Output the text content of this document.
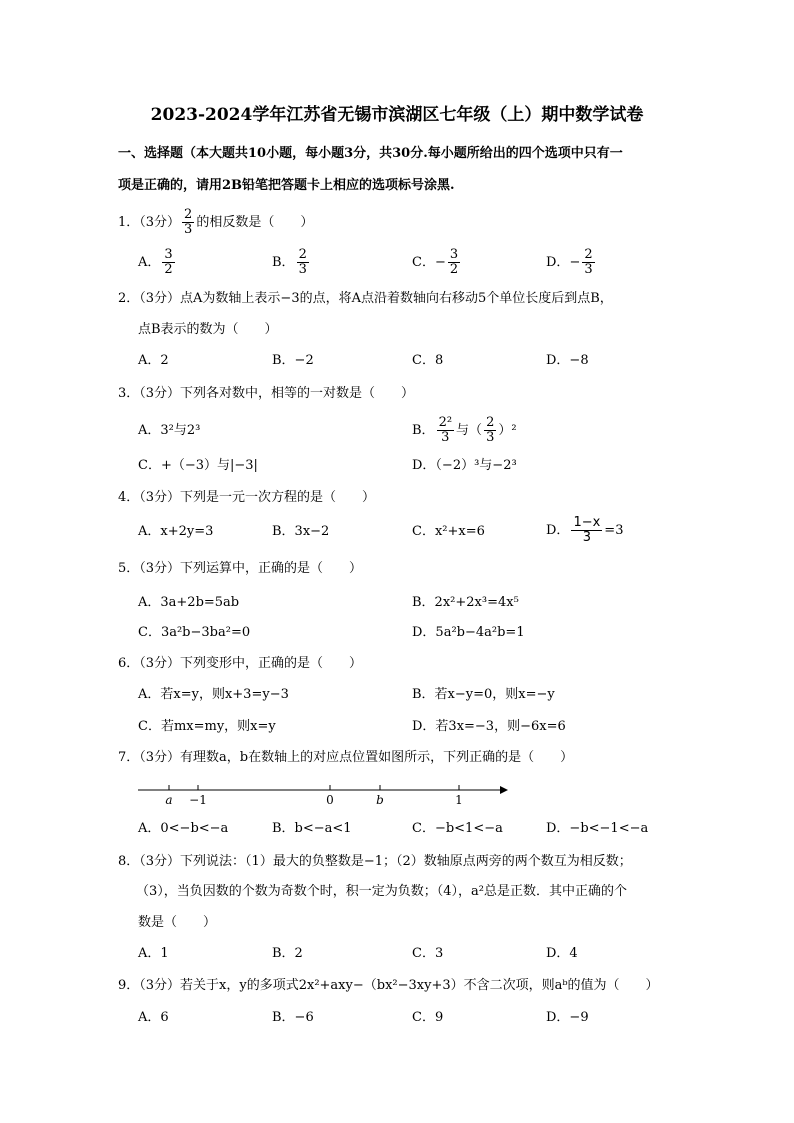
2023-2024学年江苏省无锡市滨湖区七年级（上）期中数学试卷
一、选择题（本大题共10小题，每小题3分，共30分.每小题所给出的四个选项中只有一
项是正确的，请用2B铅笔把答题卡上相应的选项标号涂黑.
1．（3分） $\frac{2}{3}$ 的相反数是（　　）
A． $\frac{3}{2}$	B． $\frac{2}{3}$	C．− $\frac{3}{2}$	D．− $\frac{2}{3}$
2．（3分）点A为数轴上表示−3的点，将A点沿着数轴向右移动5个单位长度后到点B，
点B表示的数为（　　）
A．2	B．−2	C．8	D．−8
3．（3分）下列各对数中，相等的一对数是（　　）
A．3²与2³	B． $\frac{\text{2²}}{3}$ 与（ $\frac{2}{3} )^2$
C．+（−3）与|−3|	D．（−2）³与−2³
4．（3分）下列是一元一次方程的是（　　）
A．x+2y=3	B．3x−2	C．x²+x=6	D． $\frac{1-x}{3} =3$
5．（3分）下列运算中，正确的是（　　）
A．3a+2b=5ab	B．2x²+2x³=4x⁵
C．3a²b−3ba²=0	D．5a²b−4a²b=1
6．（3分）下列变形中，正确的是（　　）
A．若x=y，则x+3=y−3	B．若x−y=0，则x=−y
C．若mx=my，则x=y	D．若3x=−3，则−6x=6
7．（3分）有理数a，b在数轴上的对应点位置如图所示，下列正确的是（　　）
a −1	0	b	1
A．0<−b<−a	B．b<−a<1	C．−b<1<−a	D．−b<−1<−a
8．（3分）下列说法：（1）最大的负整数是−1；（2）数轴原点两旁的两个数互为相反数；
（3），当负因数的个数为奇数个时，积一定为负数；（4），a²总是正数．其中正确的个
数是（　　）
A．1	B．2	C．3	D．4
9．（3分）若关于x，y的多项式2x²+axy−（bx²−3xy+3）不含二次项，则aᵇ的值为（　　）
A．6	B．−6	C．9	D．−9
